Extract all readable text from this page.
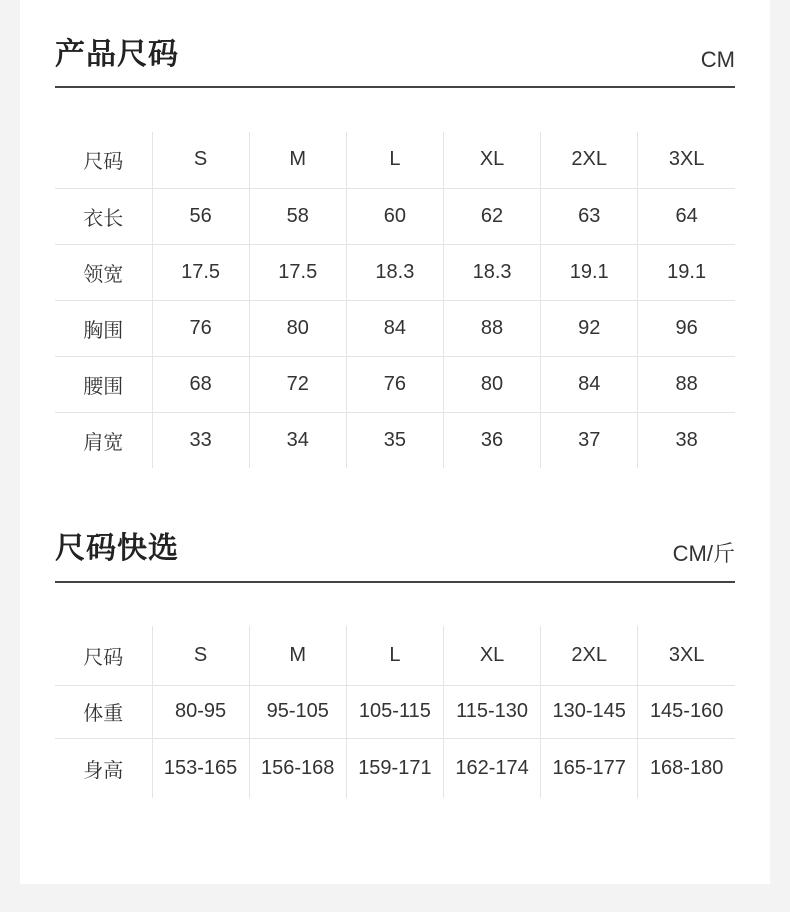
产品尺码	CM
尺码	S	M	L	XL	2XL	3XL
衣长	56	58	60	62	63	64
领宽	17.5	17.5	18.3	18.3	19.1	19.1
胸围	76	80	84	88	92	96
腰围	68	72	76	80	84	88
肩宽	33	34	35	36	37	38
尺码快选	CM/斤
尺码	S	M	L	XL	2XL	3XL
体重	80-95	95-105	105-115	115-130	130-145	145-160
身高	153-165	156-168	159-171	162-174	165-177	168-180
